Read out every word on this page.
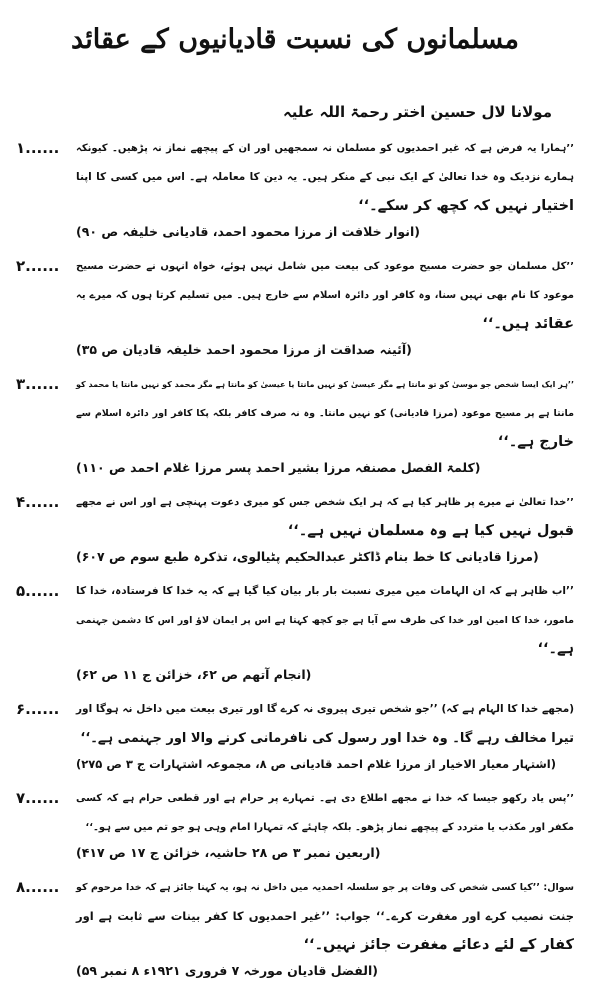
مسلمانوں کی نسبت قادیانیوں کے عقائد
مولانا لال حسین اختر رحمۃ اللہ علیہ
۱......	’’ہمارا یہ فرض ہے کہ غیر احمدیوں کو مسلمان نہ سمجھیں اور ان کے پیچھے نماز نہ پڑھیں۔ کیونکہ
ہمارے نزدیک وہ خدا تعالیٰ کے ایک نبی کے منکر ہیں۔ یہ دین کا معاملہ ہے۔ اس میں کسی کا اپنا
اختیار نہیں کہ کچھ کر سکے۔‘‘
(انوار خلافت از مرزا محمود احمد، قادیانی خلیفہ ص ۹۰)
۲......	’’کل مسلمان جو حضرت مسیح موعود کی بیعت میں شامل نہیں ہوئے، خواہ انہوں نے حضرت مسیح
موعود کا نام بھی نہیں سنا، وہ کافر اور دائرہ اسلام سے خارج ہیں۔ میں تسلیم کرتا ہوں کہ میرے یہ
عقائد ہیں۔‘‘
(آئینہ صداقت از مرزا محمود احمد خلیفہ قادیان ص ۳۵)
۳......	’’ہر ایک ایسا شخص جو موسیٰ کو تو مانتا ہے مگر عیسیٰ کو نہیں مانتا یا عیسیٰ کو مانتا ہے مگر محمد کو نہیں مانتا یا محمد کو
مانتا ہے پر مسیح موعود (مرزا قادیانی) کو نہیں مانتا۔ وہ نہ صرف کافر بلکہ پکا کافر اور دائرہ اسلام سے
خارج ہے۔‘‘
(کلمۃ الفصل مصنفہ مرزا بشیر احمد پسر مرزا غلام احمد ص ۱۱۰)
۴......	’’خدا تعالیٰ نے میرے پر ظاہر کیا ہے کہ ہر ایک شخص جس کو میری دعوت پہنچی ہے اور اس نے مجھے
قبول نہیں کیا ہے وہ مسلمان نہیں ہے۔‘‘
(مرزا قادیانی کا خط بنام ڈاکٹر عبدالحکیم پٹیالوی، تذکرہ طبع سوم ص ۶۰۷)
۵......	’’اب ظاہر ہے کہ ان الہامات میں میری نسبت بار بار بیان کیا گیا ہے کہ یہ خدا کا فرستادہ، خدا کا
مامور، خدا کا امین اور خدا کی طرف سے آیا ہے جو کچھ کہتا ہے اس پر ایمان لاؤ اور اس کا دشمن جہنمی
ہے۔‘‘
(انجام آتھم ص ۶۲، خزائن ج ۱۱ ص ۶۲)
۶......	(مجھے خدا کا الہام ہے کہ) ’’جو شخص تیری پیروی نہ کرے گا اور تیری بیعت میں داخل نہ ہوگا اور
تیرا مخالف رہے گا۔ وہ خدا اور رسول کی نافرمانی کرنے والا اور جہنمی ہے۔‘‘
(اشتہار معیار الاخیار از مرزا غلام احمد قادیانی ص ۸، مجموعہ اشتہارات ج ۳ ص ۲۷۵)
۷......	’’پس یاد رکھو جیسا کہ خدا نے مجھے اطلاع دی ہے۔ تمہارے پر حرام ہے اور قطعی حرام ہے کہ کسی
مکفر اور مکذب یا متردد کے پیچھے نماز پڑھو۔ بلکہ چاہئے کہ تمہارا امام وہی ہو جو تم میں سے ہو۔‘‘
(اربعین نمبر ۳ ص ۲۸ حاشیہ، خزائن ج ۱۷ ص ۴۱۷)
۸......	سوال: ’’کیا کسی شخص کی وفات پر جو سلسلہ احمدیہ میں داخل نہ ہو، یہ کہنا جائز ہے کہ خدا مرحوم کو
جنت نصیب کرے اور مغفرت کرے۔‘‘ جواب: ’’غیر احمدیوں کا کفر بینات سے ثابت ہے اور
کفار کے لئے دعائے مغفرت جائز نہیں۔‘‘
(الفضل قادیان مورخہ ۷ فروری ۱۹۲۱ء ۸ نمبر ۵۹)
